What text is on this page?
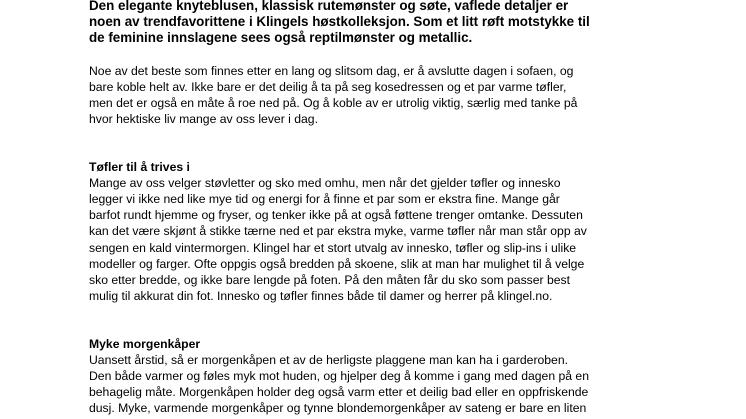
Den elegante knyteblusen, klassisk rutemønster og søte, vaflede detaljer er
noen av trendfavorittene i Klingels høstkolleksjon. Som et litt røft motstykke til
de feminine innslagene sees også reptilmønster og metallic.

Noe av det beste som finnes etter en lang og slitsom dag, er å avslutte dagen i sofaen, og
bare koble helt av. Ikke bare er det deilig å ta på seg kosedressen og et par varme tøfler,
men det er også en måte å roe ned på. Og å koble av er utrolig viktig, særlig med tanke på
hvor hektiske liv mange av oss lever i dag.

Tøfler til å trives i

Mange av oss velger støvletter og sko med omhu, men når det gjelder tøfler og innesko
legger vi ikke ned like mye tid og energi for å finne et par som er ekstra fine. Mange går
barfot rundt hjemme og fryser, og tenker ikke på at også føttene trenger omtanke. Dessuten
kan det være skjønt å stikke tærne ned et par ekstra myke, varme tøfler når man står opp av
sengen en kald vintermorgen. Klingel har et stort utvalg av innesko, tøfler og slip-ins i ulike
modeller og farger. Ofte oppgis også bredden på skoene, slik at man har mulighet til å velge
sko etter bredde, og ikke bare lengde på foten. På den måten får du sko som passer best
mulig til akkurat din fot. Innesko og tøfler finnes både til damer og herrer på klingel.no.

Myke morgenkåper

Uansett årstid, så er morgenkåpen et av de herligste plaggene man kan ha i garderoben.
Den både varmer og føles myk mot huden, og hjelper deg å komme i gang med dagen på en
behagelig måte. Morgenkåpen holder deg også varm etter et deilig bad eller en oppfriskende
dusj. Myke, varmende morgenkåper og tynne blondemorgenkåper av sateng er bare en liten
